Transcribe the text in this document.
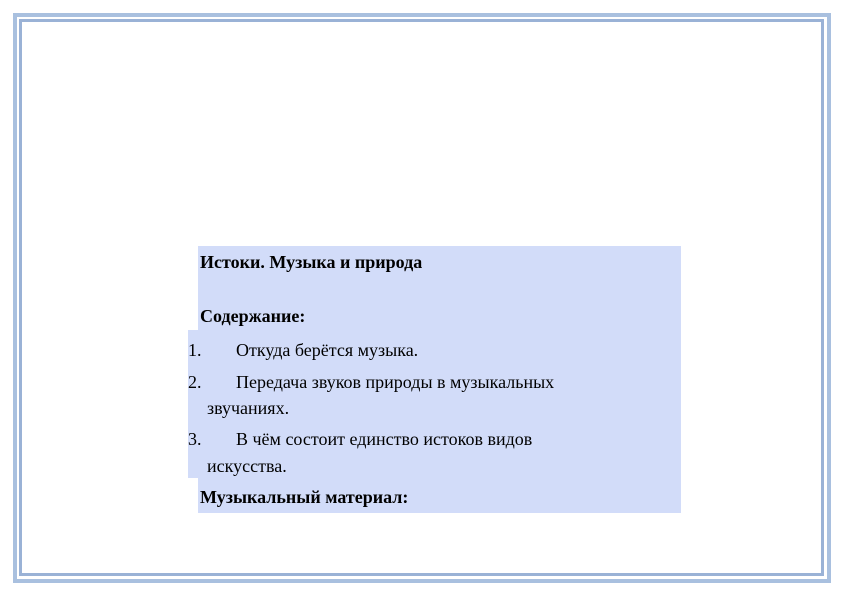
Истоки. Музыка и природа
Содержание:
1. Откуда берётся музыка.
2. Передача звуков природы в музыкальных
звучаниях.
3. В чём состоит единство истоков видов
искусства.
Музыкальный материал:
